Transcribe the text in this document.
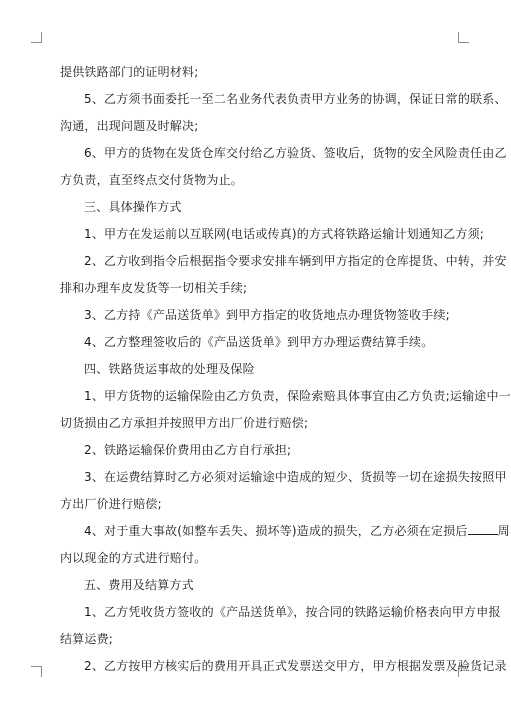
提供铁路部门的证明材料;
5、乙方须书面委托一至二名业务代表负责甲方业务的协调，保证日常的联系、
沟通，出现问题及时解决;
6、甲方的货物在发货仓库交付给乙方验货、签收后，货物的安全风险责任由乙
方负责，直至终点交付货物为止。
三、具体操作方式
1、甲方在发运前以互联网(电话或传真)的方式将铁路运输计划通知乙方须;
2、乙方收到指令后根据指令要求安排车辆到甲方指定的仓库提货、中转，并安
排和办理车皮发货等一切相关手续;
3、乙方持《产品送货单》到甲方指定的收货地点办理货物签收手续;
4、乙方整理签收后的《产品送货单》到甲方办理运费结算手续。
四、铁路货运事故的处理及保险
1、甲方货物的运输保险由乙方负责，保险索赔具体事宜由乙方负责;运输途中一
切货损由乙方承担并按照甲方出厂价进行赔偿;
2、铁路运输保价费用由乙方自行承担;
3、在运费结算时乙方必须对运输途中造成的短少、货损等一切在途损失按照甲
方出厂价进行赔偿;
4、对于重大事故(如整车丢失、损坏等)造成的损失，乙方必须在定损后	周
内以现金的方式进行赔付。
五、费用及结算方式
1、乙方凭收货方签收的《产品送货单》，按合同的铁路运输价格表向甲方申报
结算运费;
2、乙方按甲方核实后的费用开具正式发票送交甲方，甲方根据发票及验货记录
